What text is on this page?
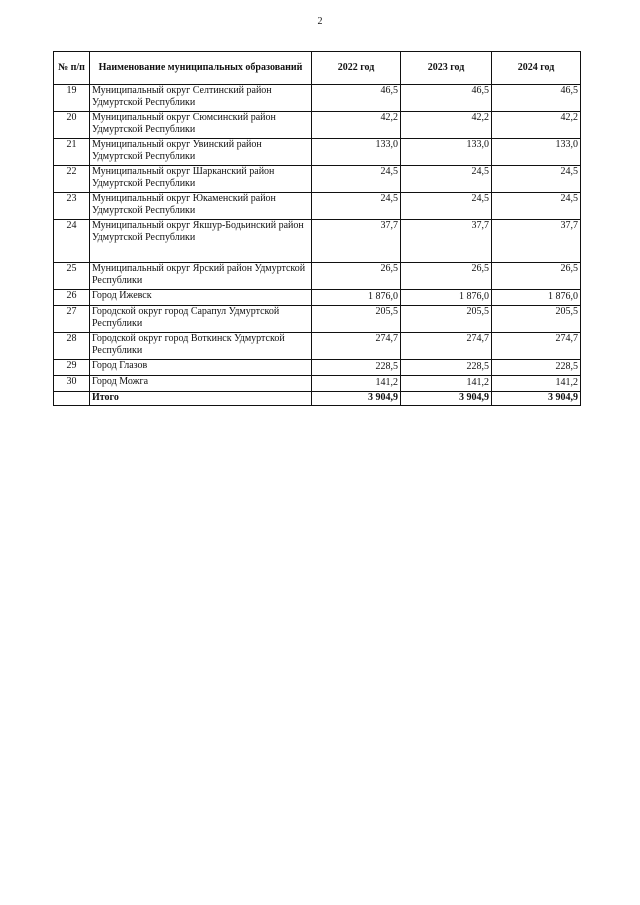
2
№ п/п	Наименование муниципальных образований	2022 год	2023 год	2024 год
19	Муниципальный округ Селтинский район Удмуртской Республики	46,5	46,5	46,5
20	Муниципальный округ Сюмсинский район Удмуртской Республики	42,2	42,2	42,2
21	Муниципальный округ Увинский район Удмуртской Республики	133,0	133,0	133,0
22	Муниципальный округ Шарканский район Удмуртской Республики	24,5	24,5	24,5
23	Муниципальный округ Юкаменский район Удмуртской Республики	24,5	24,5	24,5
24	Муниципальный округ Якшур-Бодьинский район Удмуртской Республики	37,7	37,7	37,7
25	Муниципальный округ Ярский район Удмуртской Республики	26,5	26,5	26,5
26	Город Ижевск	1 876,0	1 876,0	1 876,0
27	Городской округ город Сарапул Удмуртской Республики	205,5	205,5	205,5
28	Городской округ город Воткинск Удмуртской Республики	274,7	274,7	274,7
29	Город Глазов	228,5	228,5	228,5
30	Город Можга	141,2	141,2	141,2
	Итого	3 904,9	3 904,9	3 904,9
